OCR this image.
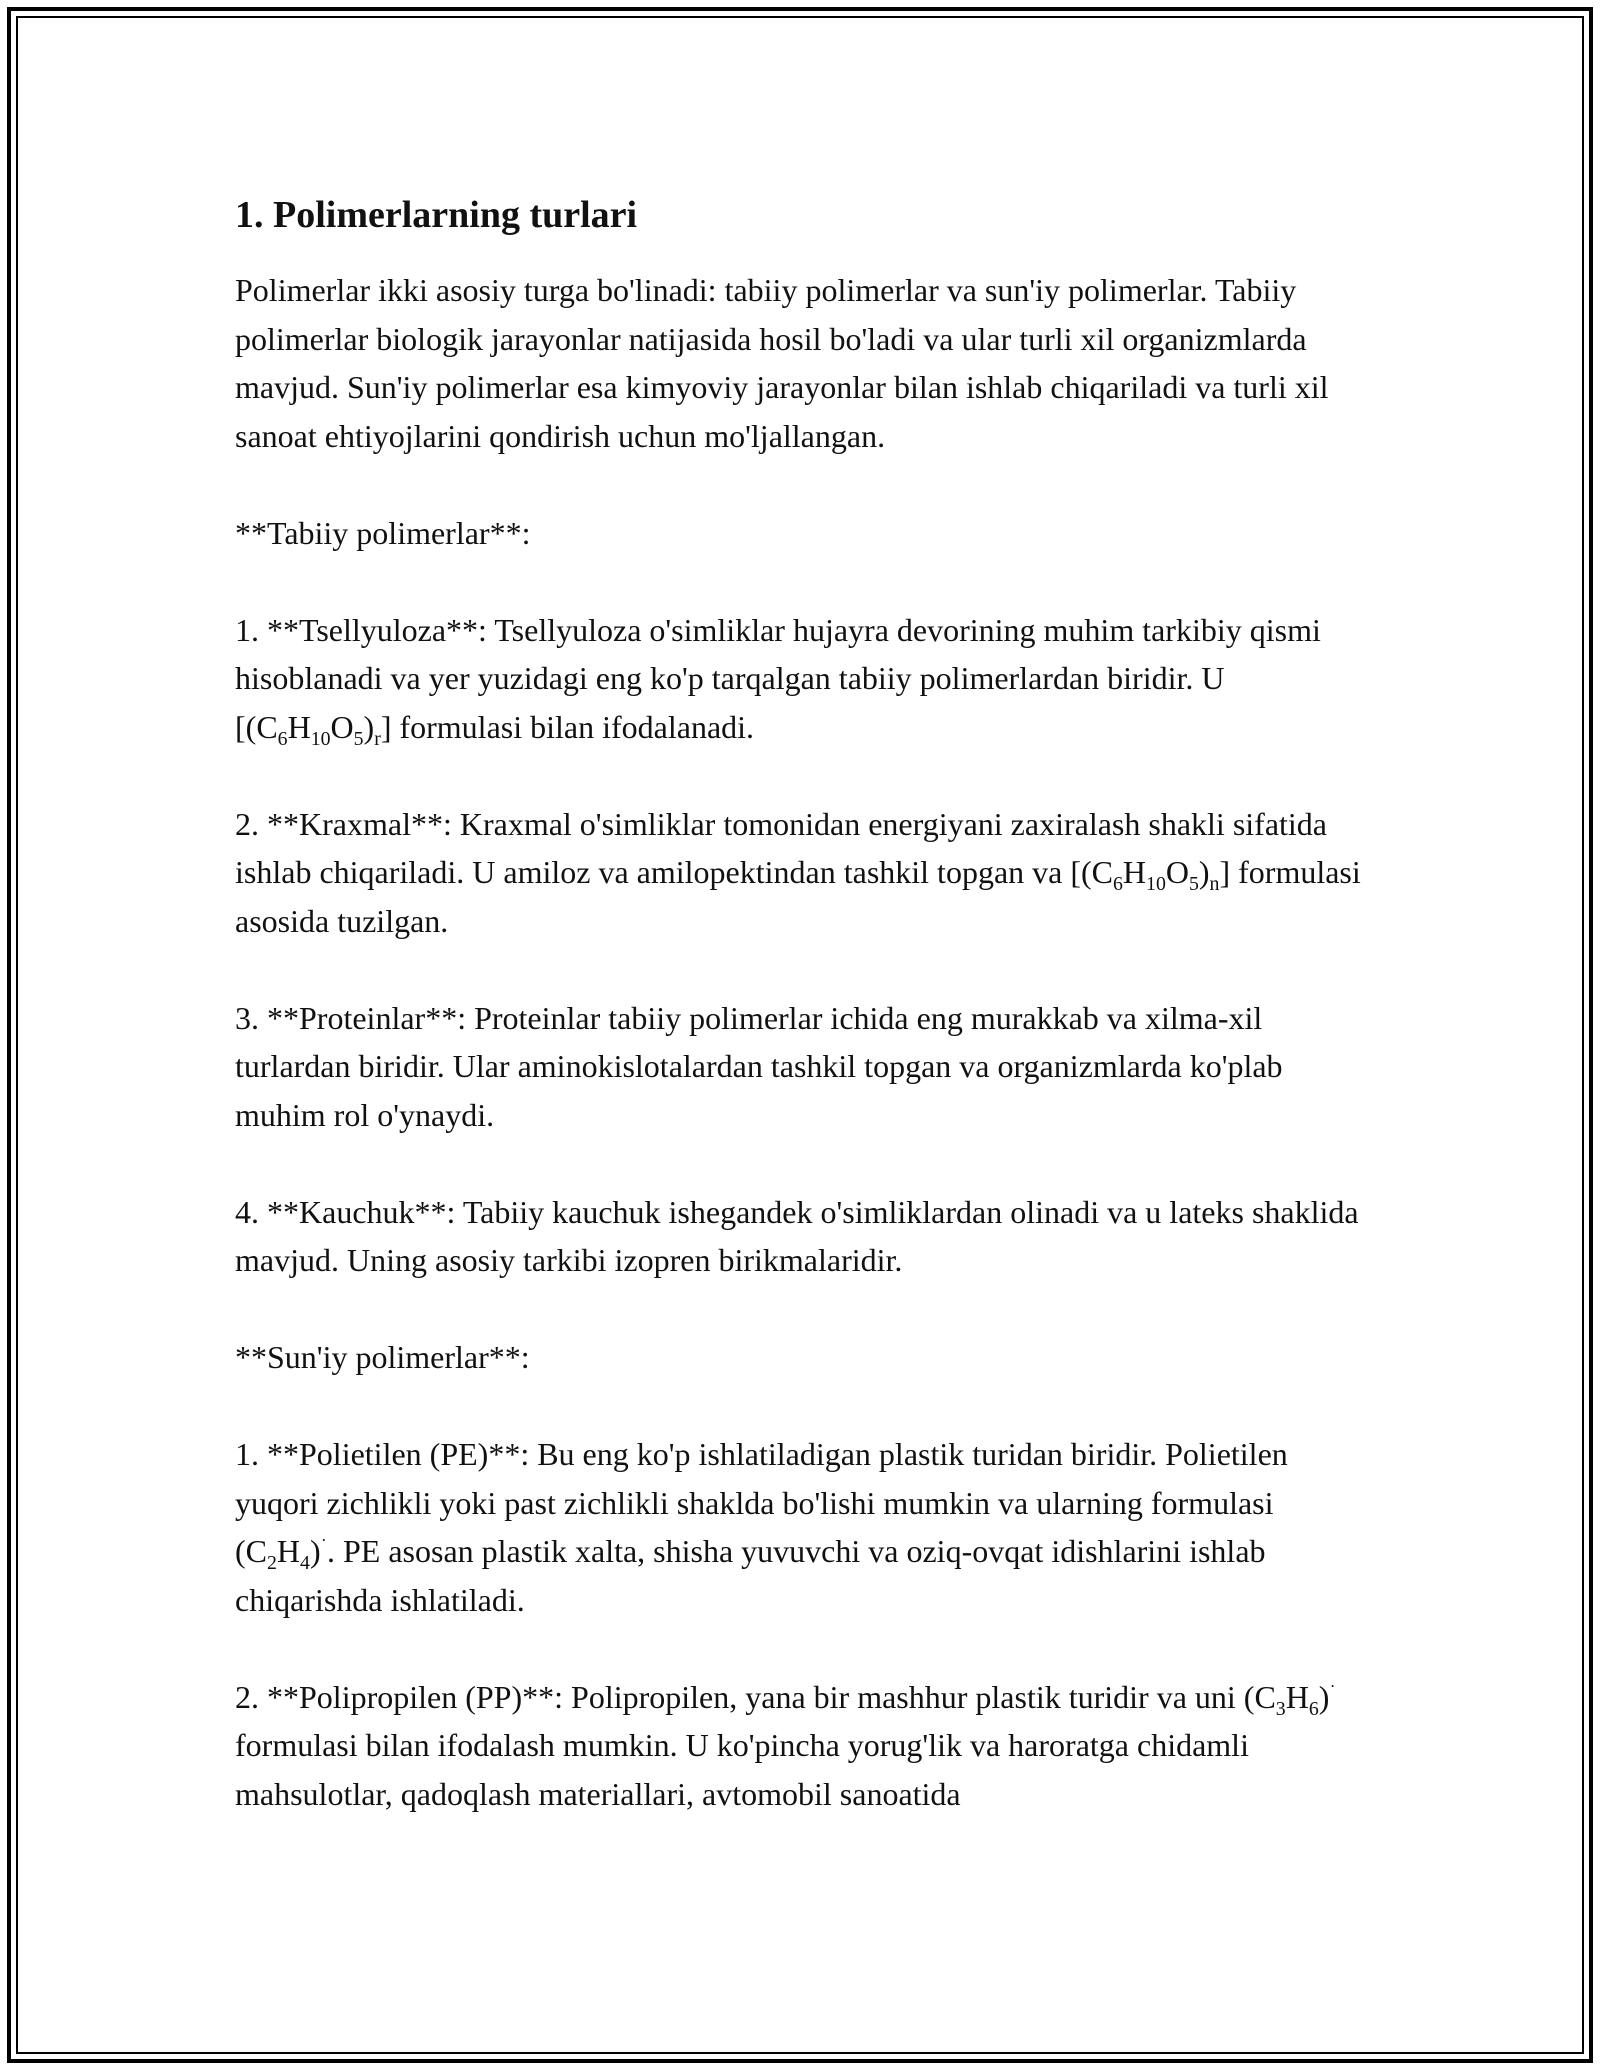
1. Polimerlarning turlari

Polimerlar ikki asosiy turga bo'linadi: tabiiy polimerlar va sun'iy polimerlar. Tabiiy polimerlar biologik jarayonlar natijasida hosil bo'ladi va ular turli xil organizmlarda mavjud. Sun'iy polimerlar esa kimyoviy jarayonlar bilan ishlab chiqariladi va turli xil sanoat ehtiyojlarini qondirish uchun mo'ljallangan.

**Tabiiy polimerlar**:

1. **Tsellyuloza**: Tsellyuloza o'simliklar hujayra devorining muhim tarkibiy qismi hisoblanadi va yer yuzidagi eng ko'p tarqalgan tabiiy polimerlardan biridir. U $[(C_6H_{10}O_5)_r]$ formulasi bilan ifodalanadi.

2. **Kraxmal**: Kraxmal o'simliklar tomonidan energiyani zaxiralash shakli sifatida ishlab chiqariladi. U amiloz va amilopektindan tashkil topgan va $[(C_6H_{10}O_5)_n]$ formulasi asosida tuzilgan.

3. **Proteinlar**: Proteinlar tabiiy polimerlar ichida eng murakkab va xilma-xil turlardan biridir. Ular aminokislotalardan tashkil topgan va organizmlarda ko'plab muhim rol o'ynaydi.

4. **Kauchuk**: Tabiiy kauchuk ishegandek o'simliklardan olinadi va u lateks shaklida mavjud. Uning asosiy tarkibi izopren birikmalaridir.

**Sun'iy polimerlar**:

1. **Polietilen (PE)**: Bu eng ko'p ishlatiladigan plastik turidan biridir. Polietilen yuqori zichlikli yoki past zichlikli shaklda bo'lishi mumkin va ularning formulasi $(C_2H_4)^˙$. PE asosan plastik xalta, shisha yuvuvchi va oziq-ovqat idishlarini ishlab chiqarishda ishlatiladi.

2. **Polipropilen (PP)**: Polipropilen, yana bir mashhur plastik turidir va uni $(C_3H_6)^˙$ formulasi bilan ifodalash mumkin. U ko'pincha yorug'lik va haroratga chidamli mahsulotlar, qadoqlash materiallari, avtomobil sanoatida
